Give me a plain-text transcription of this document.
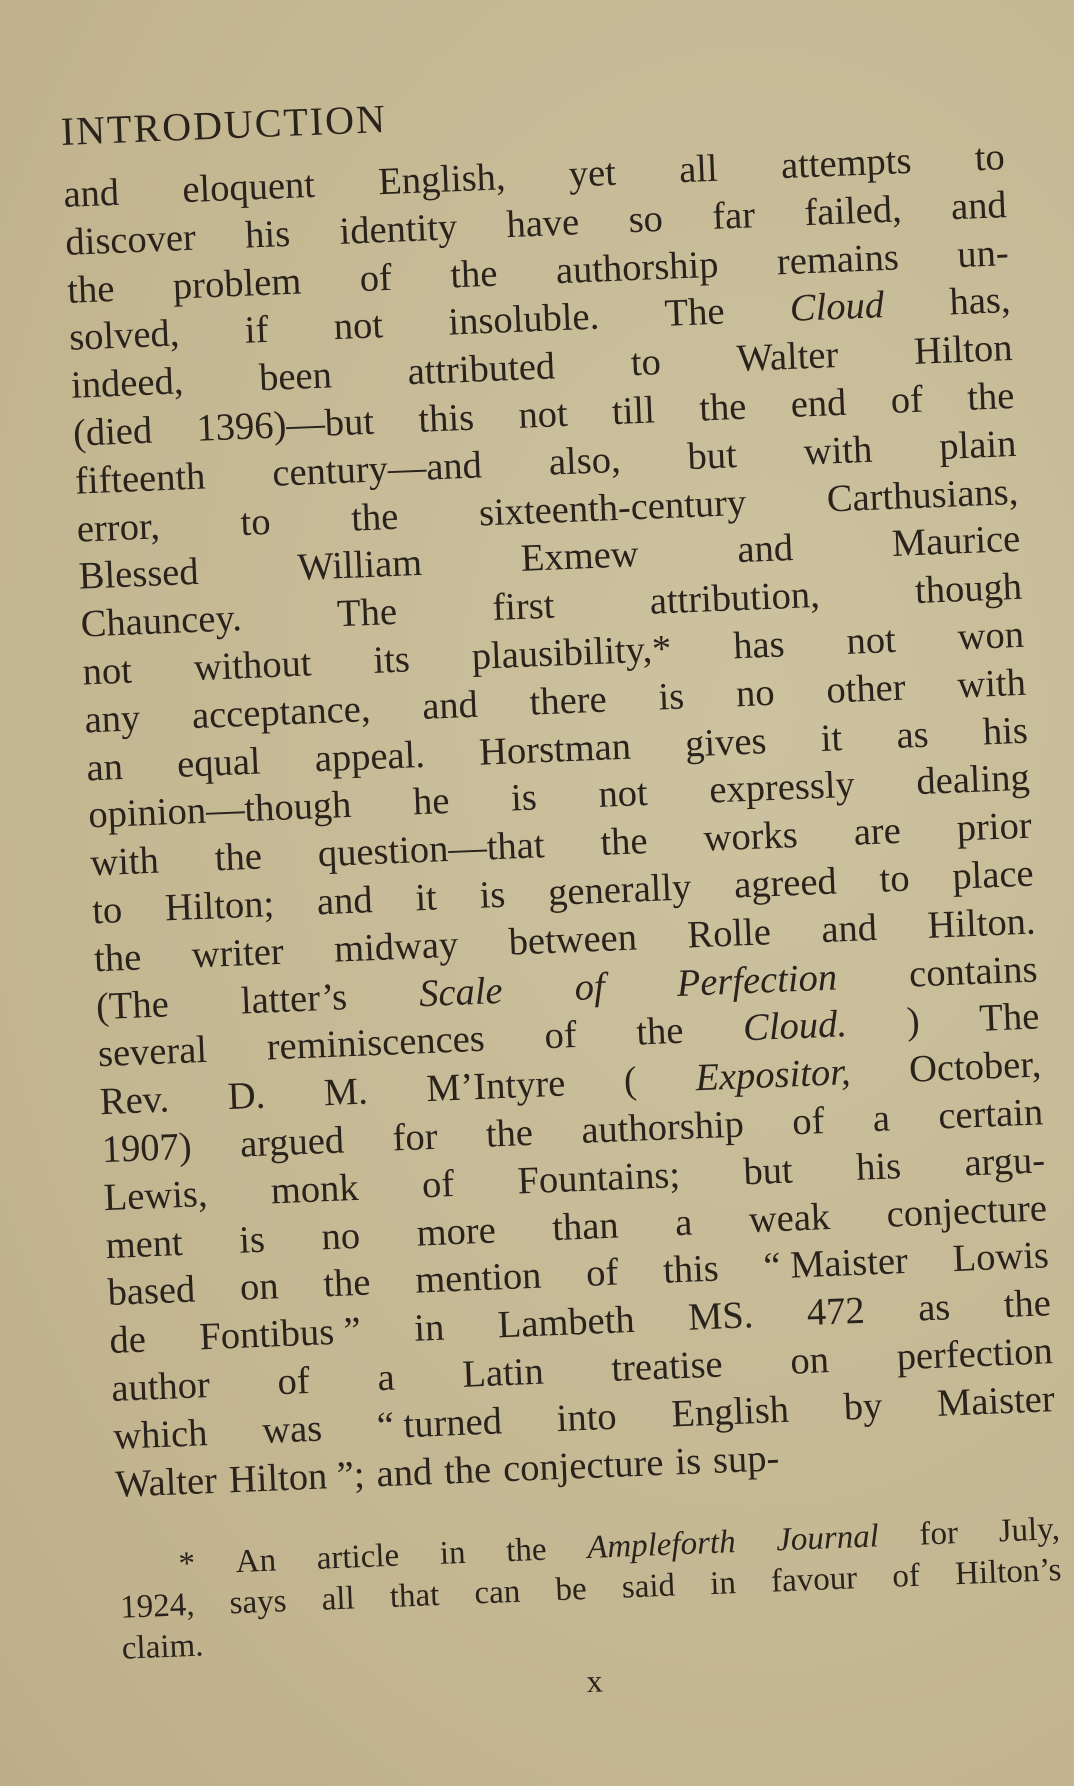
INTRODUCTION
and eloquent English, yet all attempts to
discover his identity have so far failed, and
the problem of the authorship remains un-
solved, if not insoluble. The Cloud has,
indeed, been attributed to Walter Hilton
(died 1396)—but this not till the end of the
fifteenth century—and also, but with plain
error, to the sixteenth-century Carthusians,
Blessed	William	Exmew	and	Maurice
Chauncey. The first attribution, though
not without its plausibility,* has not won
any acceptance, and there is no other with
an equal appeal. Horstman gives it as his
opinion—though he is not expressly dealing
with the question—that the works are prior
to Hilton; and it is generally agreed to place
the writer midway between Rolle and Hilton.
(The latter’s Scale of Perfection contains
several reminiscences of the Cloud. ) The
Rev. D. M. M’Intyre ( Expositor, October,
1907) argued for the authorship of a certain
Lewis, monk of Fountains; but his argu-
ment is no more than a weak conjecture
based on the mention of this “ Maister Lowis
de Fontibus ” in Lambeth MS. 472 as the
author of a Latin treatise on perfection
which was “ turned into English by Maister
Walter Hilton ”; and the conjecture is sup-
* An article in the Ampleforth Journal for July,
1924, says all that can be said in favour of Hilton’s
claim.
x
